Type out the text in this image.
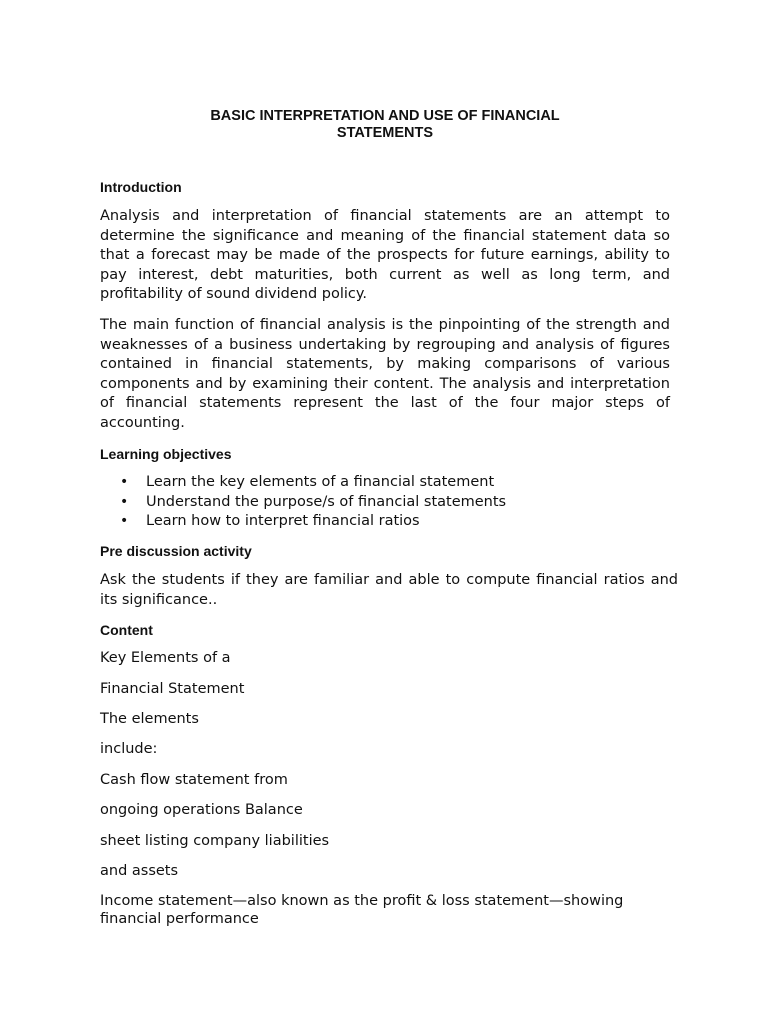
BASIC INTERPRETATION AND USE OF FINANCIAL
STATEMENTS
Introduction

Analysis and interpretation of financial statements are an attempt to determine the significance and meaning of the financial statement data so that a forecast may be made of the prospects for future earnings, ability to pay interest, debt maturities, both current as well as long term, and profitability of sound dividend policy.

The main function of financial analysis is the pinpointing of the strength and weaknesses of a business undertaking by regrouping and analysis of figures contained in financial statements, by making comparisons of various components and by examining their content. The analysis and interpretation of financial statements represent the last of the four major steps of accounting.

Learning objectives
• Learn the key elements of a financial statement
• Understand the purpose/s of financial statements
• Learn how to interpret financial ratios
Pre discussion activity

Ask the students if they are familiar and able to compute financial ratios and its significance..

Content
Key Elements of a
Financial Statement
The elements
include:
Cash flow statement from
ongoing operations Balance
sheet listing company liabilities
and assets

Income statement—also known as the profit & loss statement—showing financial performance
